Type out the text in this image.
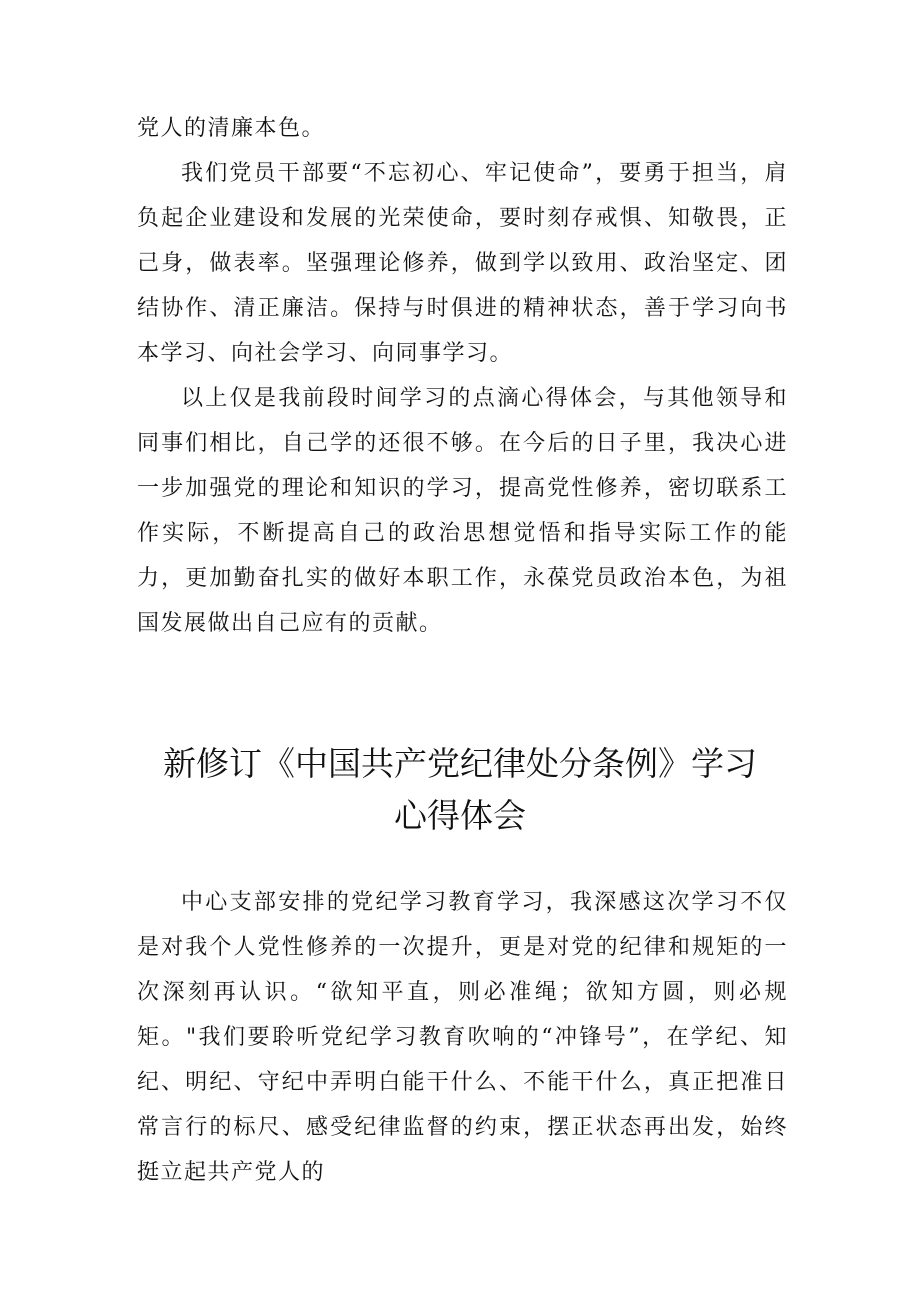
党人的清廉本色。

我们党员干部要“不忘初心、牢记使命”，要勇于担当，肩负起企业建设和发展的光荣使命，要时刻存戒惧、知敬畏，正己身，做表率。坚强理论修养，做到学以致用、政治坚定、团结协作、清正廉洁。保持与时俱进的精神状态，善于学习向书本学习、向社会学习、向同事学习。

以上仅是我前段时间学习的点滴心得体会，与其他领导和同事们相比，自己学的还很不够。在今后的日子里，我决心进一步加强党的理论和知识的学习，提高党性修养，密切联系工作实际，不断提高自己的政治思想觉悟和指导实际工作的能力，更加勤奋扎实的做好本职工作，永葆党员政治本色，为祖国发展做出自己应有的贡献。

新修订《中国共产党纪律处分条例》学习
心得体会

中心支部安排的党纪学习教育学习，我深感这次学习不仅是对我个人党性修养的一次提升，更是对党的纪律和规矩的一次深刻再认识。“欲知平直，则必准绳；欲知方圆，则必规矩。"我们要聆听党纪学习教育吹响的“冲锋号”，在学纪、知纪、明纪、守纪中弄明白能干什么、不能干什么，真正把准日常言行的标尺、感受纪律监督的约束，摆正状态再出发，始终挺立起共产党人的
